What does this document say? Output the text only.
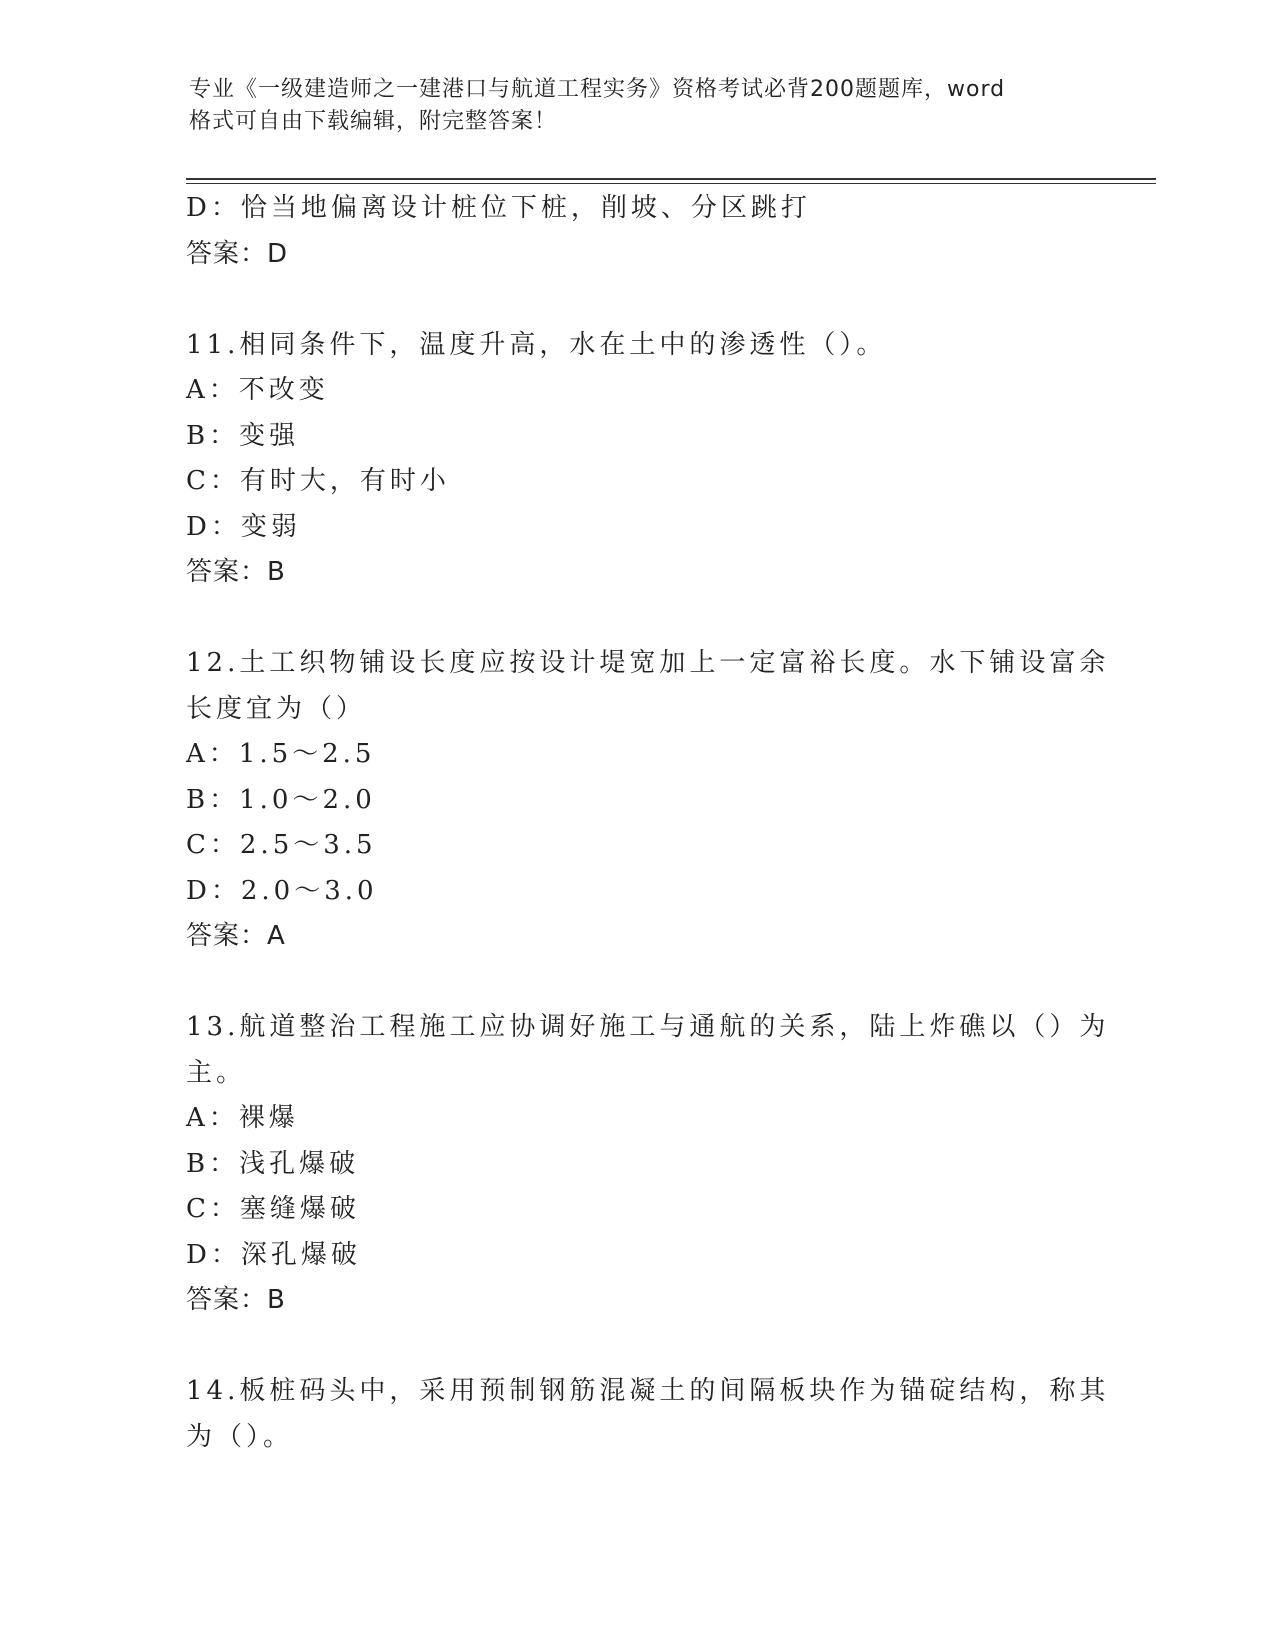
专业《一级建造师之一建港口与航道工程实务》资格考试必背200题题库，word
格式可自由下载编辑，附完整答案！
D：恰当地偏离设计桩位下桩，削坡、分区跳打
答案：D
11.相同条件下，温度升高，水在土中的渗透性（）。
A：不改变
B：变强
C：有时大，有时小
D：变弱
答案：B
12.土工织物铺设长度应按设计堤宽加上一定富裕长度。水下铺设富余
长度宜为（）
A：1.5～2.5
B：1.0～2.0
C：2.5～3.5
D：2.0～3.0
答案：A
13.航道整治工程施工应协调好施工与通航的关系，陆上炸礁以（）为
主。
A：裸爆
B：浅孔爆破
C：塞缝爆破
D：深孔爆破
答案：B
14.板桩码头中，采用预制钢筋混凝土的间隔板块作为锚碇结构，称其
为（）。
